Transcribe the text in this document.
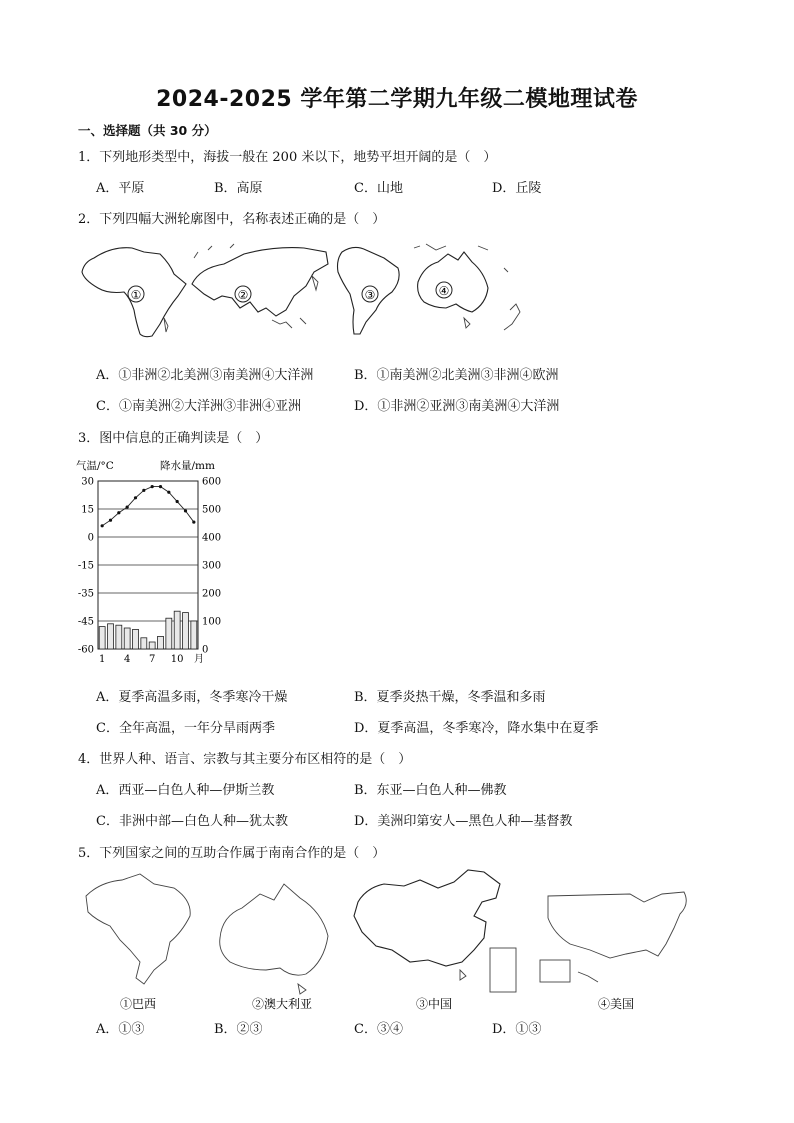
2024-2025 学年第二学期九年级二模地理试卷
一、选择题（共 30 分）
1．下列地形类型中，海拔一般在 200 米以下，地势平坦开阔的是（　）
A．平原	B．高原	C．山地	D．丘陵
2．下列四幅大洲轮廓图中，名称表述正确的是（　）
①	②	③	④
A．①非洲②北美洲③南美洲④大洋洲	B．①南美洲②北美洲③非洲④欧洲
C．①南美洲②大洋洲③非洲④亚洲	D．①非洲②亚洲③南美洲④大洋洲
3．图中信息的正确判读是（　）
气温/°C	降水量/mm
30
15
0
-15
-35
-45
-60
600
500
400
300
200
100
0
1 4 7 10 月
A．夏季高温多雨，冬季寒冷干燥	B．夏季炎热干燥，冬季温和多雨
C．全年高温，一年分旱雨两季	D．夏季高温，冬季寒冷，降水集中在夏季
4．世界人种、语言、宗教与其主要分布区相符的是（　）
A．西亚—白色人种—伊斯兰教	B．东亚—白色人种—佛教
C．非洲中部—白色人种—犹太教	D．美洲印第安人—黑色人种—基督教
5．下列国家之间的互助合作属于南南合作的是（　）
①巴西	②澳大利亚	③中国	④美国
A．①③	B．②③	C．③④	D．①③
